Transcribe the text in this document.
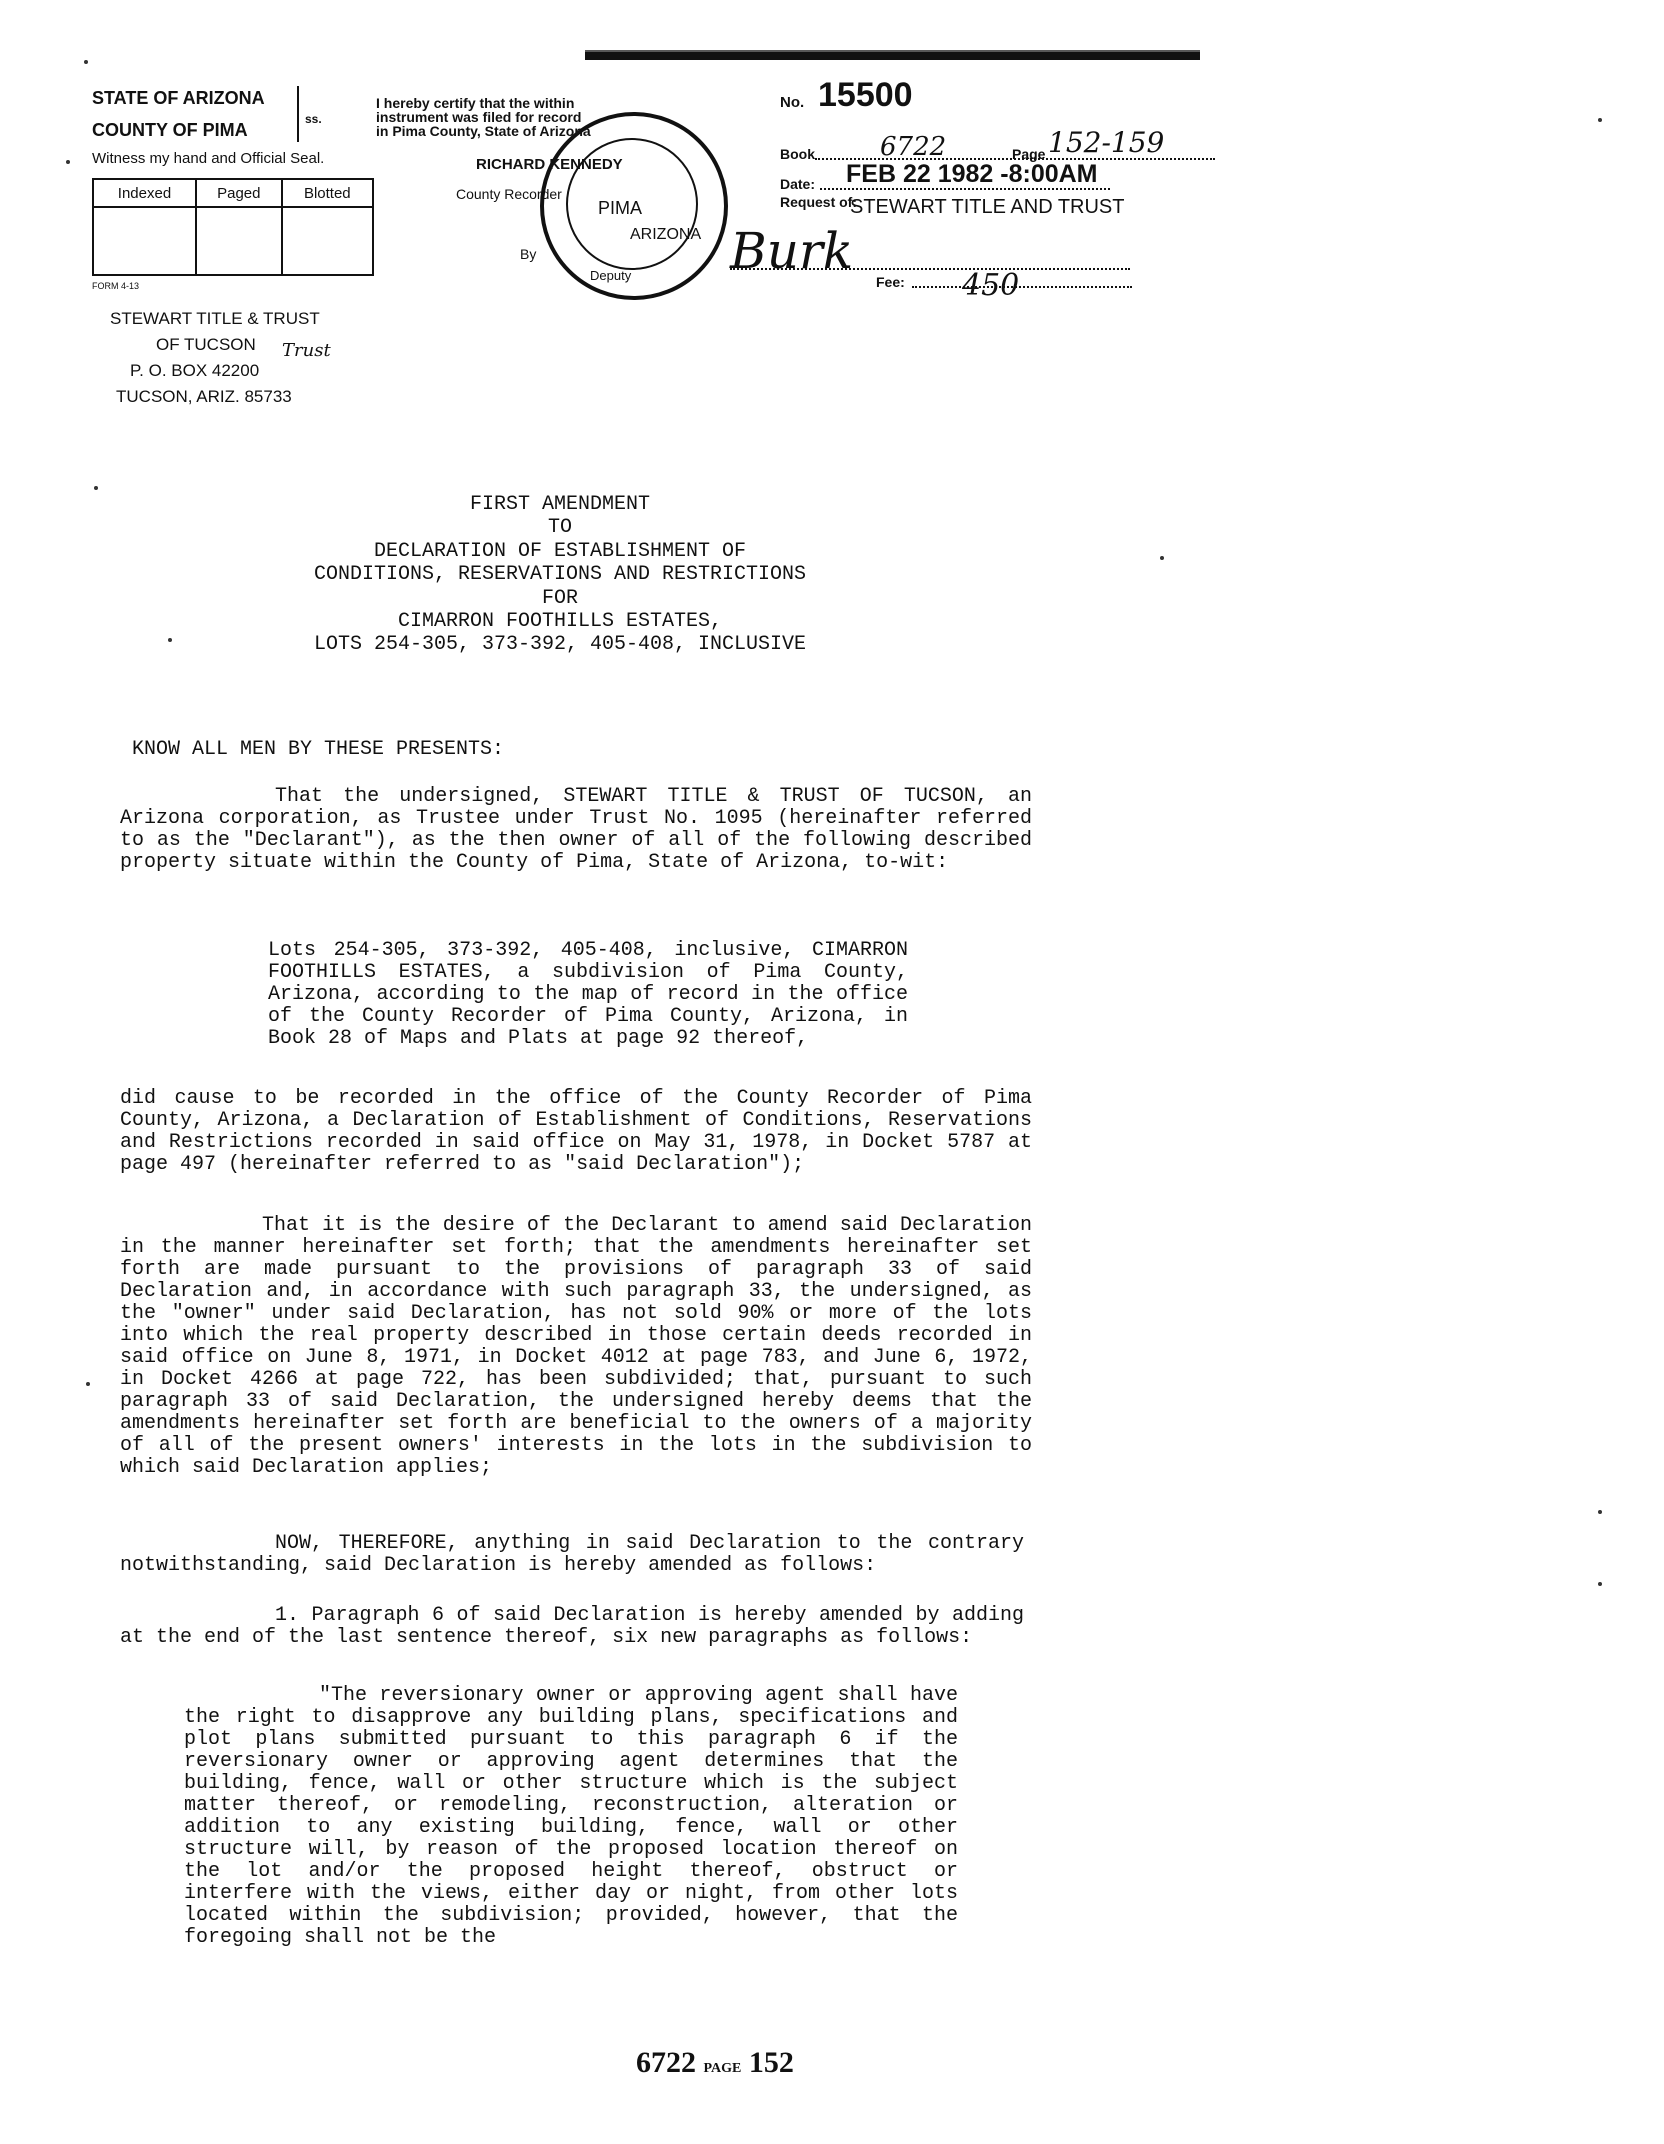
STATE OF ARIZONA
COUNTY OF PIMA
ss.
Witness my hand and Official Seal.
Indexed	Paged	Blotted

FORM 4-13
STEWART TITLE & TRUST
OF TUCSON
P. O. BOX 42200
TUCSON, ARIZ. 85733
Trust
I hereby certify that the within
instrument was filed for record
in Pima County, State of Arizona
PIMA
ARIZONA
RICHARD KENNEDY
County Recorder
By
Deputy
No. 15500
Book	6722	Page 152-159
Date: FEB 22 1982 -8:00AM
Request of:
STEWART TITLE AND TRUST
Burk
Fee: 450
FIRST AMENDMENT
TO
DECLARATION OF ESTABLISHMENT OF
CONDITIONS, RESERVATIONS AND RESTRICTIONS
FOR
CIMARRON FOOTHILLS ESTATES,
LOTS 254-305, 373-392, 405-408, INCLUSIVE
KNOW ALL MEN BY THESE PRESENTS:
That the undersigned, STEWART TITLE & TRUST OF TUCSON, an Arizona corporation, as Trustee under Trust No. 1095 (hereinafter referred to as the "Declarant"), as the then owner of all of the following described property situate within the County of Pima, State of Arizona, to-wit:
Lots 254-305, 373-392, 405-408, inclusive, CIMARRON FOOTHILLS ESTATES, a subdivision of Pima County, Arizona, according to the map of record in the office of the County Recorder of Pima County, Arizona, in Book 28 of Maps and Plats at page 92 thereof,
did cause to be recorded in the office of the County Recorder of Pima County, Arizona, a Declaration of Establishment of Conditions, Reservations and Restrictions recorded in said office on May 31, 1978, in Docket 5787 at page 497 (hereinafter referred to as "said Declaration");
That it is the desire of the Declarant to amend said Declaration in the manner hereinafter set forth; that the amendments hereinafter set forth are made pursuant to the provisions of paragraph 33 of said Declaration and, in accordance with such paragraph 33, the undersigned, as the "owner" under said Declaration, has not sold 90% or more of the lots into which the real property described in those certain deeds recorded in said office on June 8, 1971, in Docket 4012 at page 783, and June 6, 1972, in Docket 4266 at page 722, has been subdivided; that, pursuant to such paragraph 33 of said Declaration, the undersigned hereby deems that the amendments hereinafter set forth are beneficial to the owners of a majority of all of the present owners' interests in the lots in the subdivision to which said Declaration applies;
NOW, THEREFORE, anything in said Declaration to the contrary notwithstanding, said Declaration is hereby amended as follows:
1. Paragraph 6 of said Declaration is hereby amended by adding at the end of the last sentence thereof, six new paragraphs as follows:
"The reversionary owner or approving agent shall have the right to disapprove any building plans, specifications and plot plans submitted pursuant to this paragraph 6 if the reversionary owner or approving agent determines that the building, fence, wall or other structure which is the subject matter thereof, or remodeling, reconstruction, alteration or addition to any existing building, fence, wall or other structure will, by reason of the proposed location thereof on the lot and/or the proposed height thereof, obstruct or interfere with the views, either day or night, from other lots located within the subdivision; provided, however, that the foregoing shall not be the
6722 PAGE 152
